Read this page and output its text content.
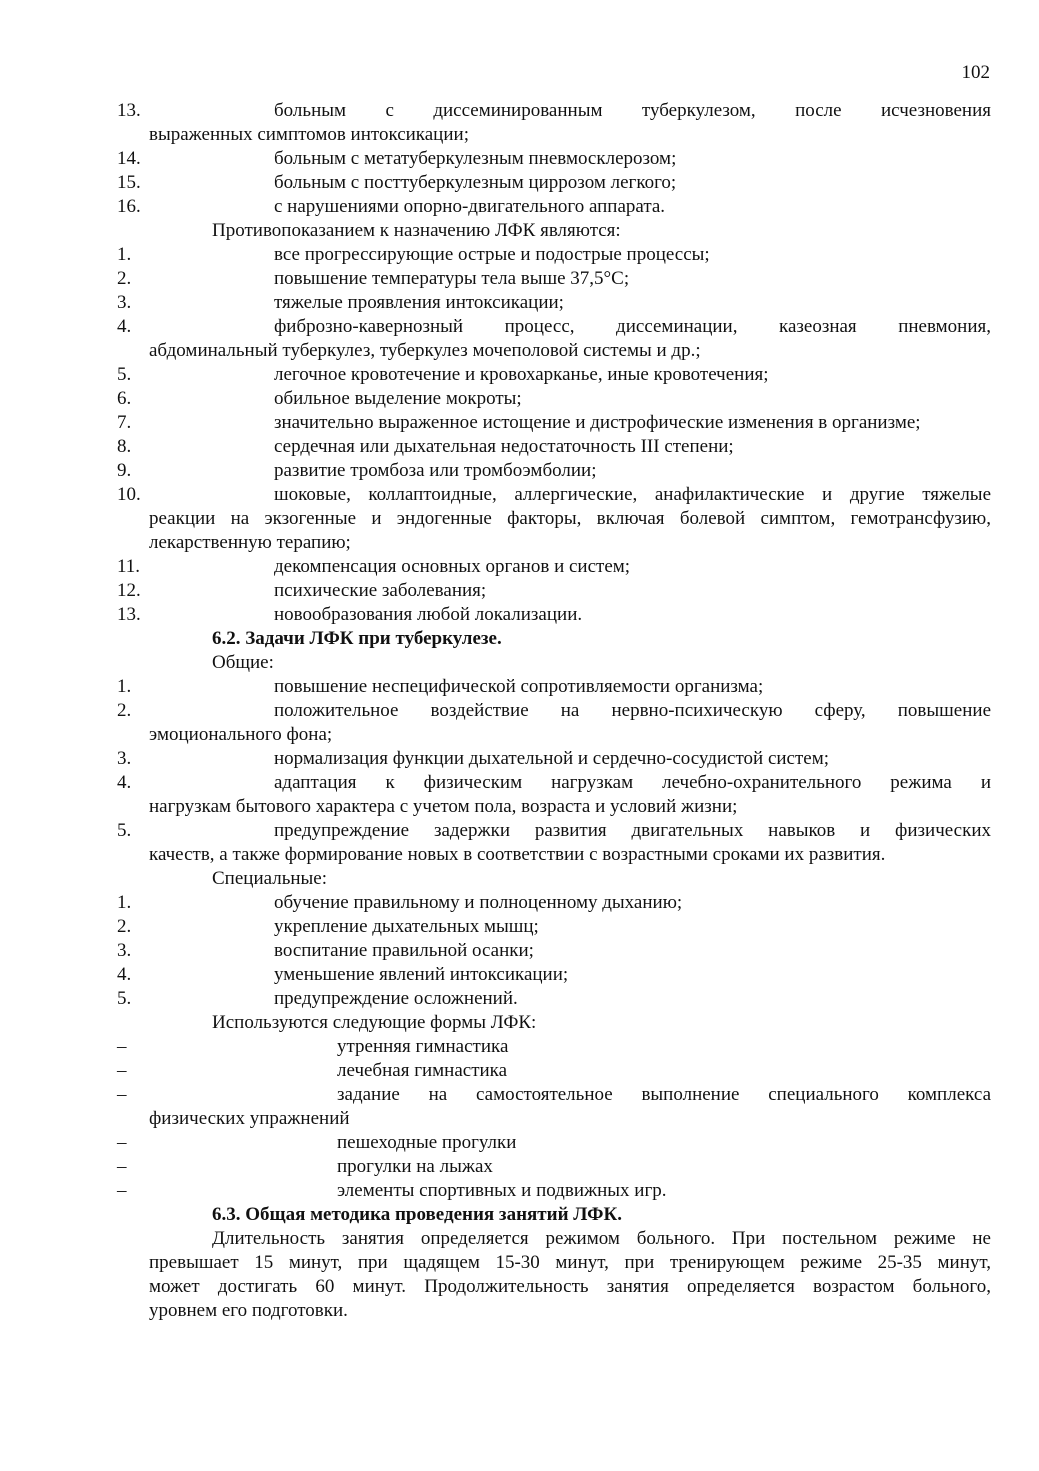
102
13.	больным с диссеминированным туберкулезом, после исчезновения
выраженных симптомов интоксикации;
14.	больным с метатуберкулезным пневмосклерозом;
15.	больным с посттуберкулезным циррозом легкого;
16.	с нарушениями опорно-двигательного аппарата.
Противопоказанием к назначению ЛФК являются:
1.	все прогрессирующие острые и подострые процессы;
2.	повышение температуры тела выше 37,5°С;
3.	тяжелые проявления интоксикации;
4.	фиброзно-кавернозный процесс, диссеминации, казеозная пневмония,
абдоминальный туберкулез, туберкулез мочеполовой системы и др.;
5.	легочное кровотечение и кровохарканье, иные кровотечения;
6.	обильное выделение мокроты;
7.	значительно выраженное истощение и дистрофические изменения в организме;
8.	сердечная или дыхательная недостаточность III степени;
9.	развитие тромбоза или тромбоэмболии;
10.	шоковые, коллаптоидные, аллергические, анафилактические и другие тяжелые
реакции на экзогенные и эндогенные факторы, включая болевой симптом, гемотрансфузию,
лекарственную терапию;
11.	декомпенсация основных органов и систем;
12.	психические заболевания;
13.	новообразования любой локализации.
6.2. Задачи ЛФК при туберкулезе.
Общие:
1.	повышение неспецифической сопротивляемости организма;
2.	положительное воздействие на нервно-психическую сферу, повышение
эмоционального фона;
3.	нормализация функции дыхательной и сердечно-сосудистой систем;
4.	адаптация к физическим нагрузкам лечебно-охранительного режима и
нагрузкам бытового характера с учетом пола, возраста и условий жизни;
5.	предупреждение задержки развития двигательных навыков и физических
качеств, а также формирование новых в соответствии с возрастными сроками их развития.
Специальные:
1.	обучение правильному и полноценному дыханию;
2.	укрепление дыхательных мышц;
3.	воспитание правильной осанки;
4.	уменьшение явлений интоксикации;
5.	предупреждение осложнений.
Используются следующие формы ЛФК:
–	утренняя гимнастика
–	лечебная гимнастика
–	задание на самостоятельное выполнение специального комплекса
физических упражнений
–	пешеходные прогулки
–	прогулки на лыжах
–	элементы спортивных и подвижных игр.
6.3. Общая методика проведения занятий ЛФК.
Длительность занятия определяется режимом больного. При постельном режиме не
превышает 15 минут, при щадящем 15-30 минут, при тренирующем режиме 25-35 минут,
может достигать 60 минут. Продолжительность занятия определяется возрастом больного,
уровнем его подготовки.
